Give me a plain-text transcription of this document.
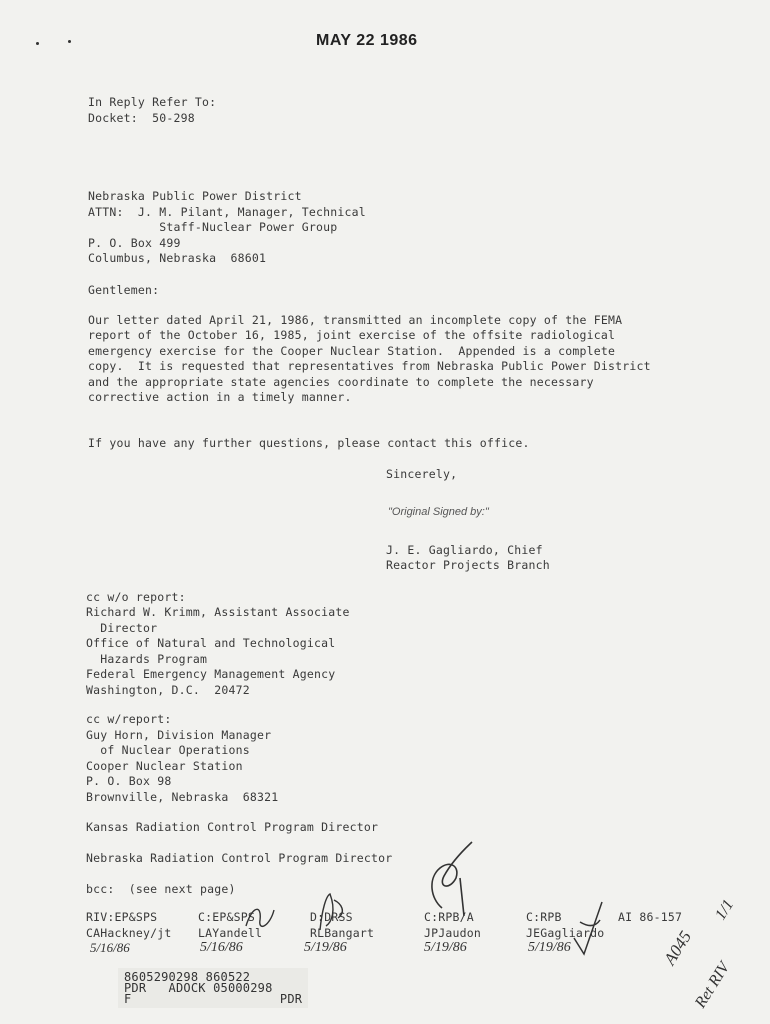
MAY 22 1986
In Reply Refer To:
Docket:  50-298
Nebraska Public Power District
ATTN:  J. M. Pilant, Manager, Technical
Staff-Nuclear Power Group
P. O. Box 499
Columbus, Nebraska  68601
Gentlemen:
Our letter dated April 21, 1986, transmitted an incomplete copy of the FEMA
report of the October 16, 1985, joint exercise of the offsite radiological
emergency exercise for the Cooper Nuclear Station.  Appended is a complete
copy.  It is requested that representatives from Nebraska Public Power District
and the appropriate state agencies coordinate to complete the necessary
corrective action in a timely manner.
If you have any further questions, please contact this office.
Sincerely,
"Original Signed by:"
J. E. Gagliardo, Chief
Reactor Projects Branch
cc w/o report:
Richard W. Krimm, Assistant Associate
Director
Office of Natural and Technological
Hazards Program
Federal Emergency Management Agency
Washington, D.C.  20472
cc w/report:
Guy Horn, Division Manager
of Nuclear Operations
Cooper Nuclear Station
P. O. Box 98
Brownville, Nebraska  68321
Kansas Radiation Control Program Director
Nebraska Radiation Control Program Director
bcc:  (see next page)
RIV:EP&SPS
CAHackney/jt
5/16/86
C:EP&SPS
LAYandell
5/16/86
D:DRSS
RLBangart
5/19/86
C:RPB/A
JPJaudon
5/19/86
C:RPB
JEGagliardo
5/19/86
AI 86-157
A045
1/1
Ret RIV
8605290298 860522
PDR   ADOCK 05000298
F                    PDR
